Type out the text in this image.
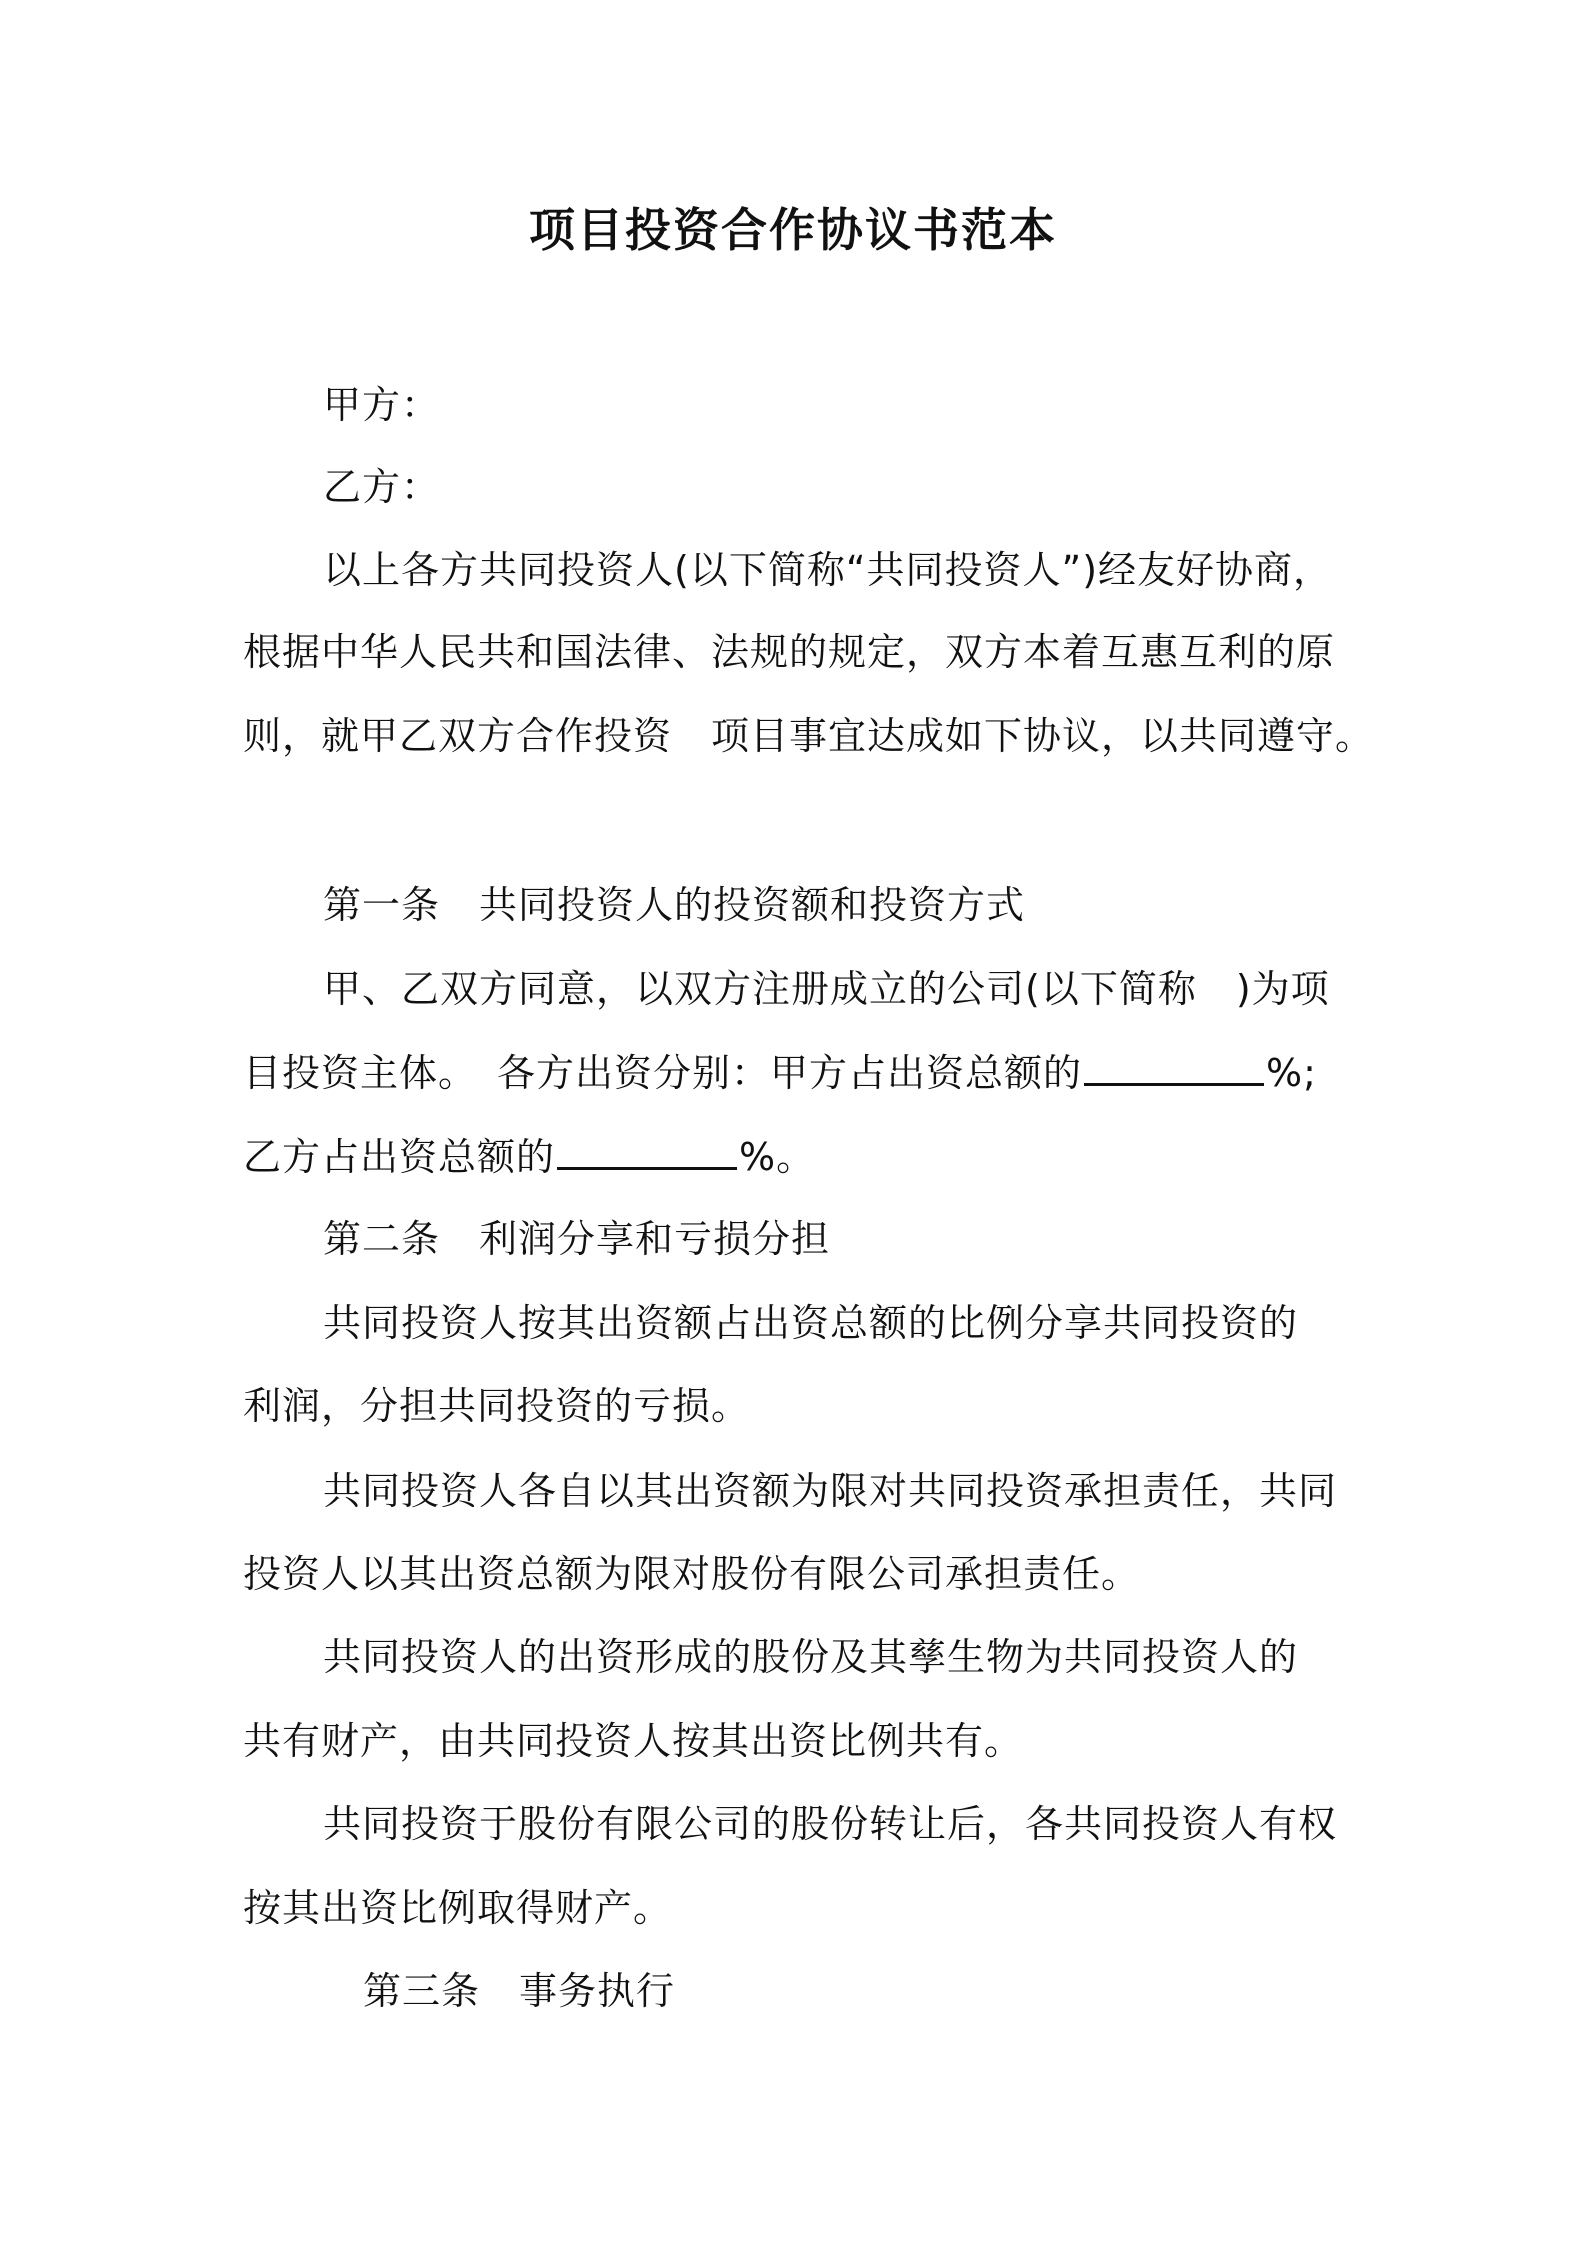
项目投资合作协议书范本
甲方：
乙方：
以上各方共同投资人(以下简称“共同投资人”)经友好协商，
根据中华人民共和国法律、法规的规定，双方本着互惠互利的原
则，就甲乙双方合作投资　项目事宜达成如下协议，以共同遵守。
第一条　共同投资人的投资额和投资方式
甲、乙双方同意，以双方注册成立的公司(以下简称　)为项
目投资主体。　各方出资分别：甲方占出资总额的	%;
乙方占出资总额的	%。
第二条　利润分享和亏损分担
共同投资人按其出资额占出资总额的比例分享共同投资的
利润，分担共同投资的亏损。
共同投资人各自以其出资额为限对共同投资承担责任，共同
投资人以其出资总额为限对股份有限公司承担责任。
共同投资人的出资形成的股份及其孳生物为共同投资人的
共有财产，由共同投资人按其出资比例共有。
共同投资于股份有限公司的股份转让后，各共同投资人有权
按其出资比例取得财产。
第三条　事务执行
